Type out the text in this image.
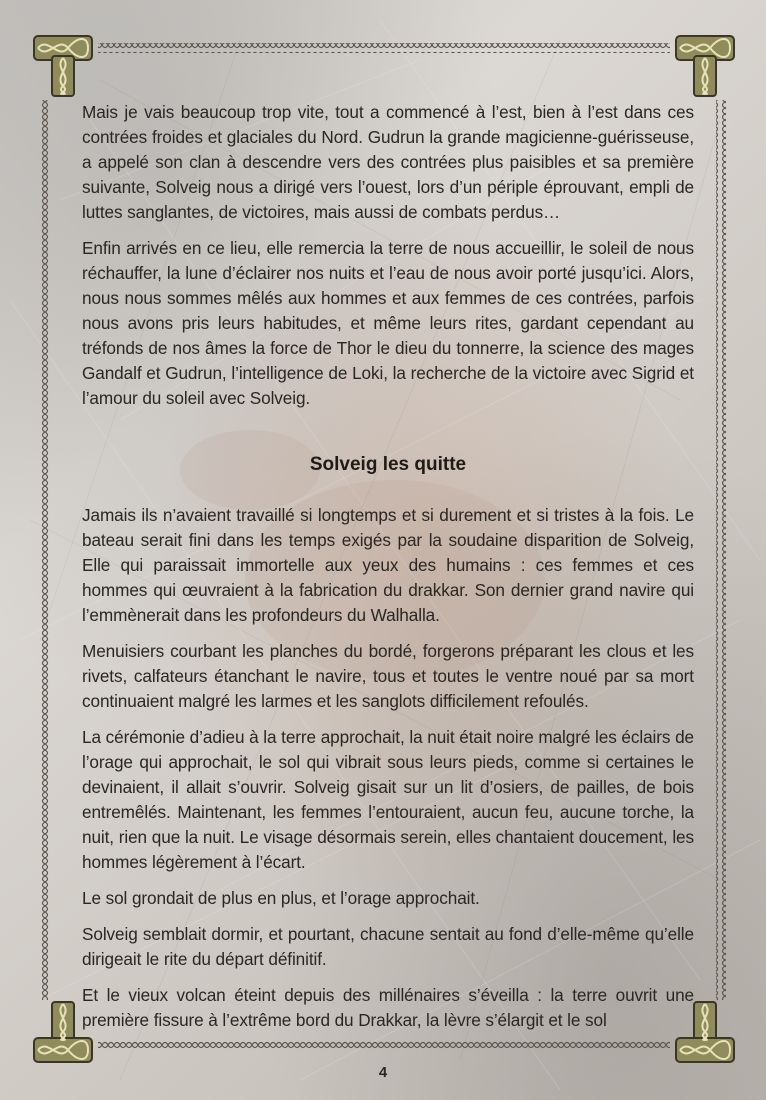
Mais je vais beaucoup trop vite, tout a commencé à l’est, bien à l’est dans ces contrées froides et glaciales du Nord. Gudrun la grande magicienne-guérisseuse, a appelé son clan à descendre vers des contrées plus paisibles et sa première suivante, Solveig nous a dirigé vers l’ouest, lors d’un périple éprouvant, empli de luttes sanglantes, de victoires, mais aussi de combats perdus…

Enfin arrivés en ce lieu, elle remercia la terre de nous accueillir, le soleil de nous réchauffer, la lune d’éclairer nos nuits et l’eau de nous avoir porté jusqu’ici. Alors, nous nous sommes mêlés aux hommes et aux femmes de ces contrées, parfois nous avons pris leurs habitudes, et même leurs rites, gardant cependant au tréfonds de nos âmes la force de Thor le dieu du tonnerre, la science des mages Gandalf et Gudrun, l’intelligence de Loki, la recherche de la victoire avec Sigrid et l’amour du soleil avec Solveig.

Solveig les quitte

Jamais ils n’avaient travaillé si longtemps et si durement et si tristes à la fois. Le bateau serait fini dans les temps exigés par la soudaine disparition de Solveig, Elle qui paraissait immortelle aux yeux des humains : ces femmes et ces hommes qui œuvraient à la fabrication du drakkar. Son dernier grand navire qui l’emmènerait dans les profondeurs du Walhalla.

Menuisiers courbant les planches du bordé, forgerons préparant les clous et les rivets, calfateurs étanchant le navire, tous et toutes le ventre noué par sa mort continuaient malgré les larmes et les sanglots difficilement refoulés.

La cérémonie d’adieu à la terre approchait, la nuit était noire malgré les éclairs de l’orage qui approchait, le sol qui vibrait sous leurs pieds, comme si certaines le devinaient, il allait s’ouvrir. Solveig gisait sur un lit d’osiers, de pailles, de bois entremêlés. Maintenant, les femmes l’entouraient, aucun feu, aucune torche, la nuit, rien que la nuit. Le visage désormais serein, elles chantaient doucement, les hommes légèrement à l’écart.

Le sol grondait de plus en plus, et l’orage approchait.

Solveig semblait dormir, et pourtant, chacune sentait au fond d’elle-même qu’elle dirigeait le rite du départ définitif.

Et le vieux volcan éteint depuis des millénaires s’éveilla : la terre ouvrit une première fissure à l’extrême bord du Drakkar, la lèvre s’élargit et le sol

4
